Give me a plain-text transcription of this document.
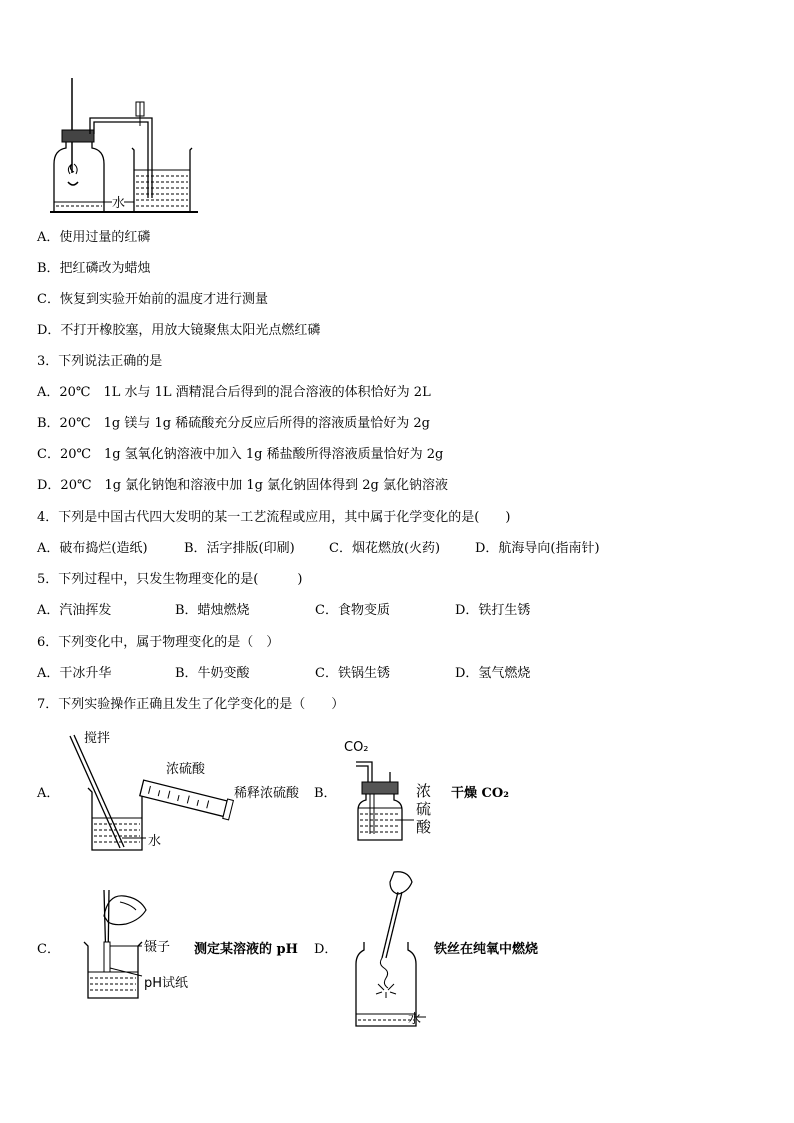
水
A．使用过量的红磷
B．把红磷改为蜡烛
C．恢复到实验开始前的温度才进行测量
D．不打开橡胶塞，用放大镜聚焦太阳光点燃红磷
3．下列说法正确的是
A．20℃　1L 水与 1L 酒精混合后得到的混合溶液的体积恰好为 2L
B．20℃　1g 镁与 1g 稀硫酸充分反应后所得的溶液质量恰好为 2g
C．20℃　1g 氢氧化钠溶液中加入 1g 稀盐酸所得溶液质量恰好为 2g
D．20℃　1g 氯化钠饱和溶液中加 1g 氯化钠固体得到 2g 氯化钠溶液
4．下列是中国古代四大发明的某一工艺流程或应用，其中属于化学变化的是(　　)
A．破布捣烂(造纸)	B．活字排版(印刷)	C．烟花燃放(火药)	D．航海导向(指南针)
5．下列过程中，只发生物理变化的是(　　　)
A．汽油挥发	B．蜡烛燃烧	C．食物变质	D．铁打生锈
6．下列变化中，属于物理变化的是（　）
A．干冰升华	B．牛奶变酸	C．铁锅生锈	D．氢气燃烧
7．下列实验操作正确且发生了化学变化的是（　　）
A．
搅拌
浓硫酸
水
稀释浓硫酸 B．
CO₂
浓
硫
酸
干燥 CO₂
C．	镊子
pH试纸
测定某溶液的 pH D．
水
铁丝在纯氧中燃烧
